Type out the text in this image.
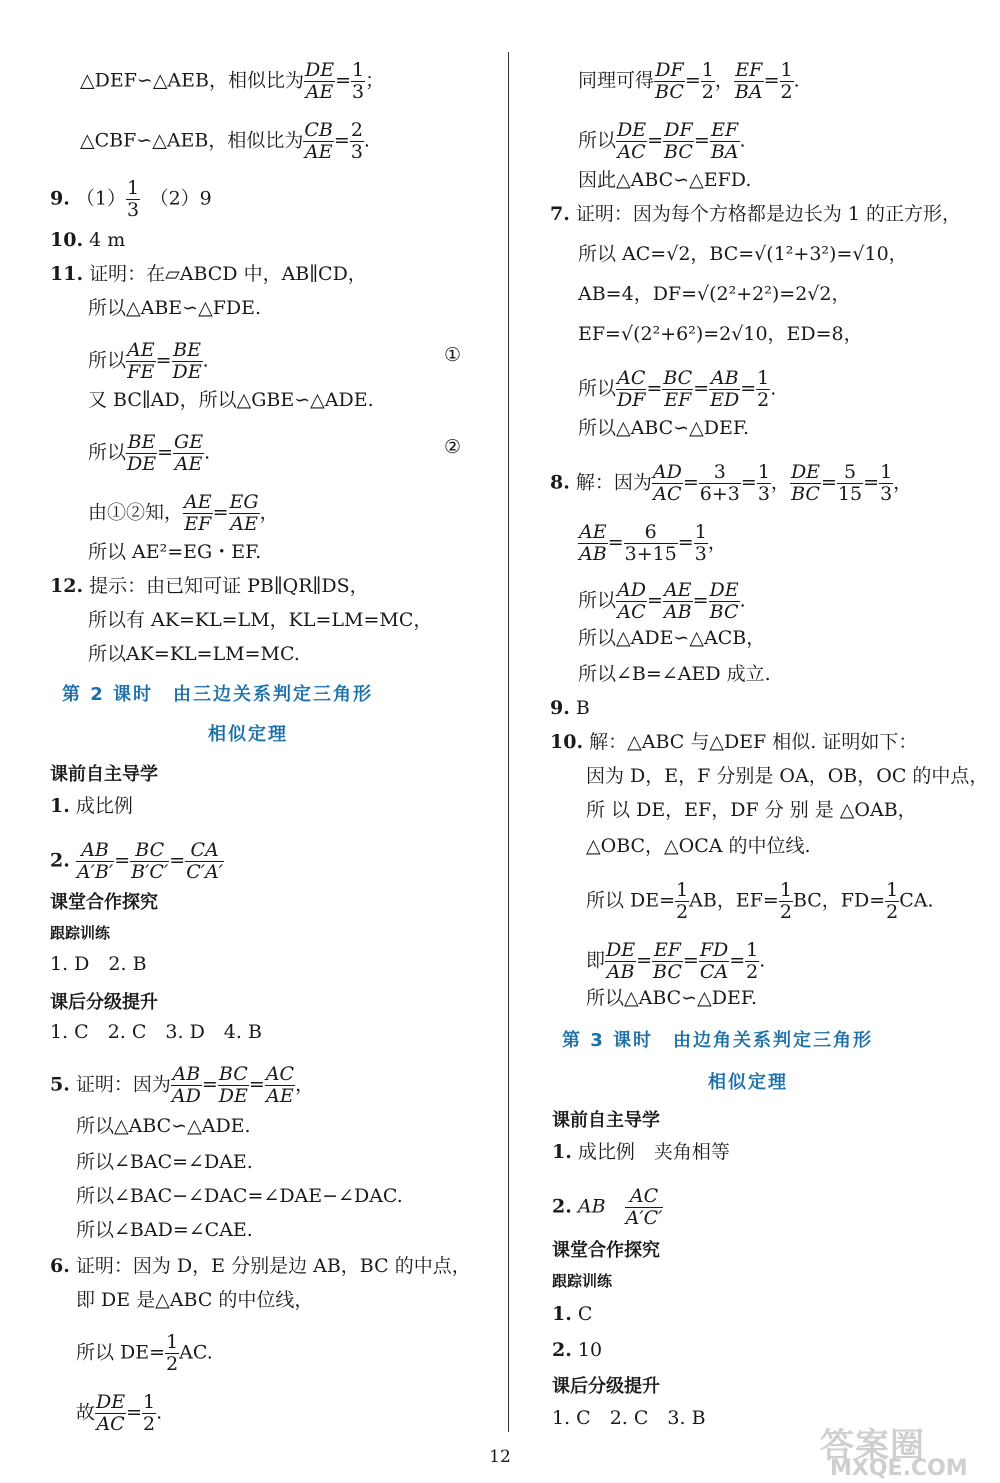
△DEF∽△AEB，相似比为 $\frac{DE}{AE} = \frac{1}{3}$ ；
△CBF∽△AEB，相似比为 $\frac{CB}{AE} = \frac{2}{3}$ .
9. $(1) \frac{1}{3}$
　 （2）9
10. 4 m
11. 证明：在▱ABCD 中，AB∥CD，
所以△ABE∽△FDE.
所以 $\frac{AE}{FE} = \frac{BE}{DE}$ .	①
又 BC∥AD，所以△GBE∽△ADE.
所以 $\frac{BE}{DE} = \frac{GE}{AE}$ .	②
由①②知， $\frac{AE}{EF} = \frac{EG}{AE}$ ，
所以 AE²=EG・EF.
12. 提示：由已知可证 PB∥QR∥DS，
所以有 AK=KL=LM，KL=LM=MC，
所以AK=KL=LM=MC.
第 2 课时　由三边关系判定三角形
相似定理
课前自主导学
1. 成比例
2. $\frac{AB}{A'B'} = \frac{BC}{B'C'} = \frac{CA}{C'A'}$
课堂合作探究
跟踪训练
1. D　2. B
课后分级提升
1. C　2. C　3. D　4. B
5. 证明：因为 $\frac{AB}{AD} = \frac{BC}{DE} = \frac{AC}{AE}$ ，
所以△ABC∽△ADE.
所以∠BAC=∠DAE.
所以∠BAC−∠DAC=∠DAE−∠DAC.
所以∠BAD=∠CAE.
6. 证明：因为 D，E 分别是边 AB，BC 的中点，
即 DE 是△ABC 的中位线，
所以 $DE= \frac{1}{2}$ AC.
故 $\frac{DE}{AC} = \frac{1}{2}$ .
同理可得 $\frac{DF}{BC} = \frac{1}{2}$ ， $\frac{EF}{BA} = \frac{1}{2}$ .
所以 $\frac{DE}{AC} = \frac{DF}{BC} = \frac{EF}{BA}$ .
因此△ABC∽△EFD.
7. 证明：因为每个方格都是边长为 1 的正方形，
所以 AC=√2，BC=√(1²+3²)=√10，
AB=4，DF=√(2²+2²)=2√2，
EF=√(2²+6²)=2√10，ED=8，
所以 $\frac{AC}{DF} = \frac{BC}{EF} = \frac{AB}{ED} = \frac{1}{2}$ .
所以△ABC∽△DEF.
8. 解：因为 $\frac{AD}{AC} = \frac{3}{6+3} = \frac{1}{3}$ ， $\frac{DE}{BC} = \frac{5}{15} = \frac{1}{3}$ ，
$\frac{AE}{AB} = \frac{6}{3+15} = \frac{1}{3}$ ，
所以 $\frac{AD}{AC} = \frac{AE}{AB} = \frac{DE}{BC}$ .
所以△ADE∽△ACB，
所以∠B=∠AED 成立.
9. B
10. 解：△ABC 与△DEF 相似. 证明如下：
因为 D，E，F 分别是 OA，OB，OC 的中点，
所 以 DE，EF，DF 分 别 是 △OAB，
△OBC，△OCA 的中位线.
所以 $DE= \frac{1}{2}$ AB，$EF= \frac{1}{2}$ BC，$FD= \frac{1}{2}$ CA.
即 $\frac{DE}{AB} = \frac{EF}{BC} = \frac{FD}{CA} = \frac{1}{2}$ .
所以△ABC∽△DEF.
第 3 课时　由边角关系判定三角形
相似定理
课前自主导学
1. 成比例　夹角相等
2. AB　 $\frac{AC}{A'C'}$
课堂合作探究
跟踪训练
1. C
2. 10
课后分级提升
1. C　2. C　3. B
答案圈
MXQE.COM
12
